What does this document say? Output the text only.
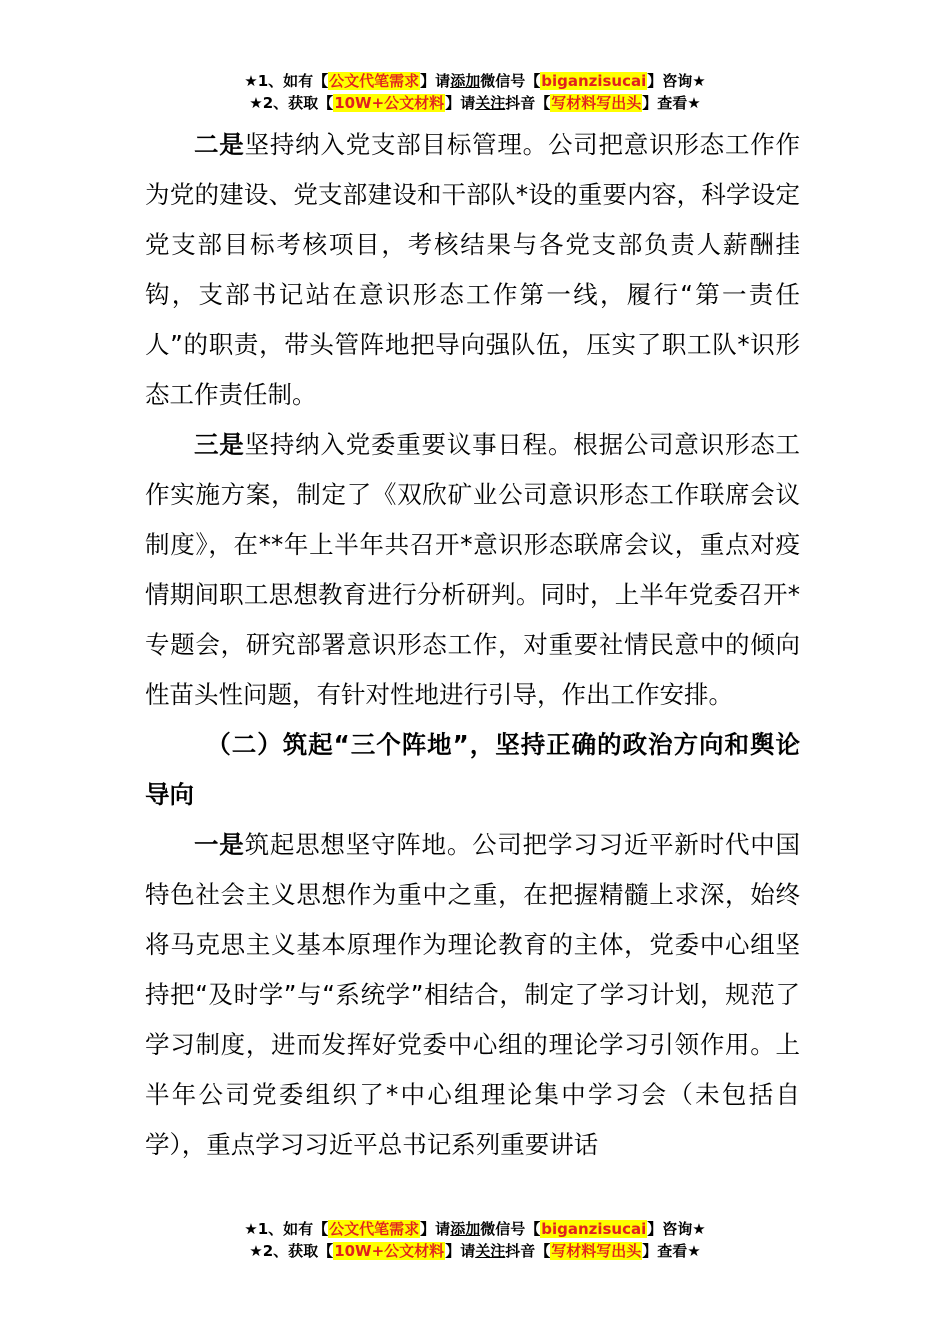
★1、如有【公文代笔需求】请添加微信号【biganzisucai】咨询★
★2、获取【10W+公文材料】请关注抖音【写材料写出头】查看★

二是坚持纳入党支部目标管理。公司把意识形态工作作为党的建设、党支部建设和干部队*设的重要内容，科学设定党支部目标考核项目，考核结果与各党支部负责人薪酬挂钩，支部书记站在意识形态工作第一线，履行“第一责任人”的职责，带头管阵地把导向强队伍，压实了职工队*识形态工作责任制。

三是坚持纳入党委重要议事日程。根据公司意识形态工作实施方案，制定了《双欣矿业公司意识形态工作联席会议制度》，在**年上半年共召开*意识形态联席会议，重点对疫情期间职工思想教育进行分析研判。同时，上半年党委召开*专题会，研究部署意识形态工作，对重要社情民意中的倾向性苗头性问题，有针对性地进行引导，作出工作安排。

（二）筑起“三个阵地”，坚持正确的政治方向和舆论导向

一是筑起思想坚守阵地。公司把学习习近平新时代中国特色社会主义思想作为重中之重，在把握精髓上求深，始终将马克思主义基本原理作为理论教育的主体，党委中心组坚持把“及时学”与“系统学”相结合，制定了学习计划，规范了学习制度，进而发挥好党委中心组的理论学习引领作用。上半年公司党委组织了*中心组理论集中学习会（未包括自学），重点学习习近平总书记系列重要讲话

★1、如有【公文代笔需求】请添加微信号【biganzisucai】咨询★
★2、获取【10W+公文材料】请关注抖音【写材料写出头】查看★
